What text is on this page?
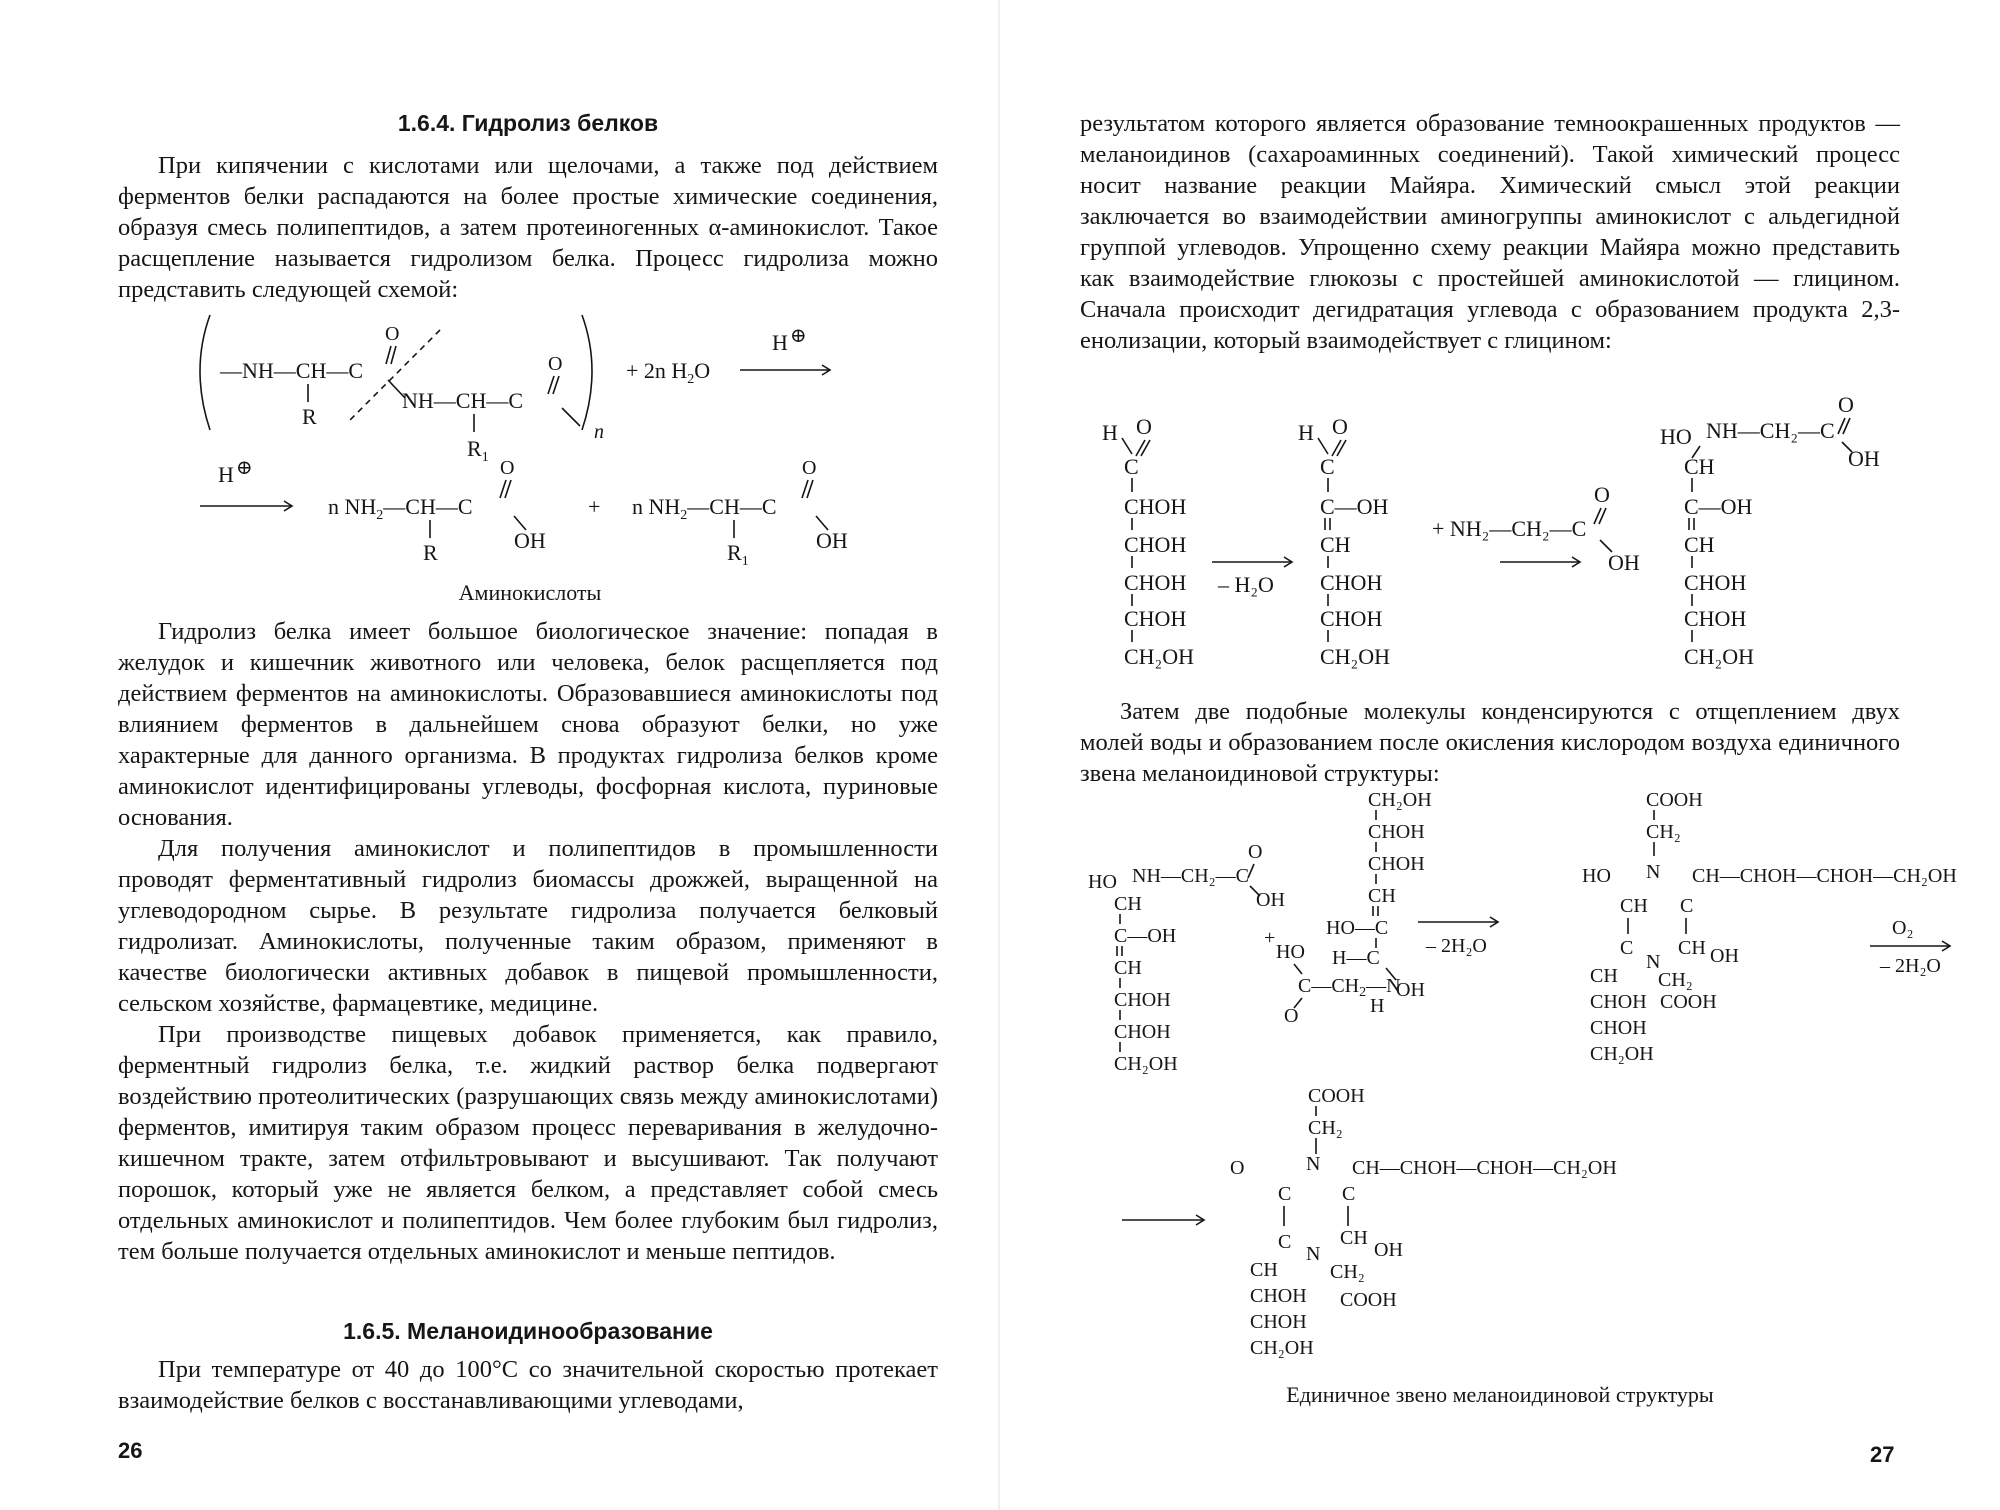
1.6.4. Гидролиз белков

При кипячении с кислотами или щелочами, а также под действием ферментов белки распадаются на более простые химические соединения, образуя смесь полипептидов, а затем протеиногенных α-аминокислот. Такое расщепление называется гидролизом белка. Процесс гидролиза можно представить следующей схемой:

—NH—CH—C
O
R
NH—CH—C
O
$R_1$
n
+ 2n $H_2O$
H ⊕
H ⊕
n $NH_2—CH—C$
O
OH
R
+ n $NH_2—CH—C$
O
OH
$R_1$
Аминокислоты

Гидролиз белка имеет большое биологическое значение: попадая в желудок и кишечник животного или человека, белок расщепляется под действием ферментов на аминокислоты. Образовавшиеся аминокислоты под влиянием ферментов в дальнейшем снова образуют белки, но уже характерные для данного организма. В продуктах гидролиза белков кроме аминокислот идентифицированы углеводы, фосфорная кислота, пуриновые основания.

Для получения аминокислот и полипептидов в промышленности проводят ферментативный гидролиз биомассы дрожжей, выращенной на углеводородном сырье. В результате гидролиза получается белковый гидролизат. Аминокислоты, полученные таким образом, применяют в качестве биологически активных добавок в пищевой промышленности, сельском хозяйстве, фармацевтике, медицине.

При производстве пищевых добавок применяется, как правило, ферментный гидролиз белка, т.е. жидкий раствор белка подвергают воздействию протеолитических (разрушающих связь между аминокислотами) ферментов, имитируя таким образом процесс переваривания в желудочно-кишечном тракте, затем отфильтровывают и высушивают. Так получают порошок, который уже не является белком, а представляет собой смесь отдельных аминокислот и полипептидов. Чем более глубоким был гидролиз, тем больше получается отдельных аминокислот и меньше пептидов.

1.6.5. Меланоидинообразование

При температуре от 40 до 100°С со значительной скоростью протекает взаимодействие белков с восстанавливающими углеводами,

26

результатом которого является образование темноокрашенных продуктов — меланоидинов (сахароаминных соединений). Такой химический процесс носит название реакции Майяра. Химический смысл этой реакции заключается во взаимодействии аминогруппы аминокислот с альдегидной группой углеводов. Упрощенно схему реакции Майяра можно представить как взаимодействие глюкозы с простейшей аминокислотой — глицином. Сначала происходит дегидратация углевода с образованием продукта 2,3-енолизации, который взаимодействует с глицином:

H O
C
CHOH
CHOH
CHOH
CHOH
CH₂OH
– H₂O
H O
C
C—OH
CH
CHOH
CHOH
CH₂OH
+ NH₂—CH₂—C
O
OH
HO NH—CH₂—C
O
OH
CH
C—OH
CH
CHOH
CHOH
CH₂OH

Затем две подобные молекулы конденсируются с отщеплением двух молей воды и образованием после окисления кислородом воздуха единичного звена меланоидиновой структуры:

HO NH—CH₂—C
O
OH
CH
C—OH
CH
CHOH
CHOH
CH₂OH
+
CH₂OH
CHOH
CHOH
CH
HO—C
H—C
HO
$C—CH_2—N$
O	H
OH
– 2H₂O
COOH
CH₂
HO N CH—CHOH—CHOH—CH₂OH
CH C
C CH
N OH
CH CH₂
CHOH COOH
CHOH
CH₂OH
O₂
– 2H₂O
COOH
CH₂
O	N CH—CHOH—CHOH—CH₂OH
C	C
C CH
N	OH
CH	CH₂
CHOH COOH
CHOH
CH₂OH
Единичное звено меланоидиновой структуры
27
